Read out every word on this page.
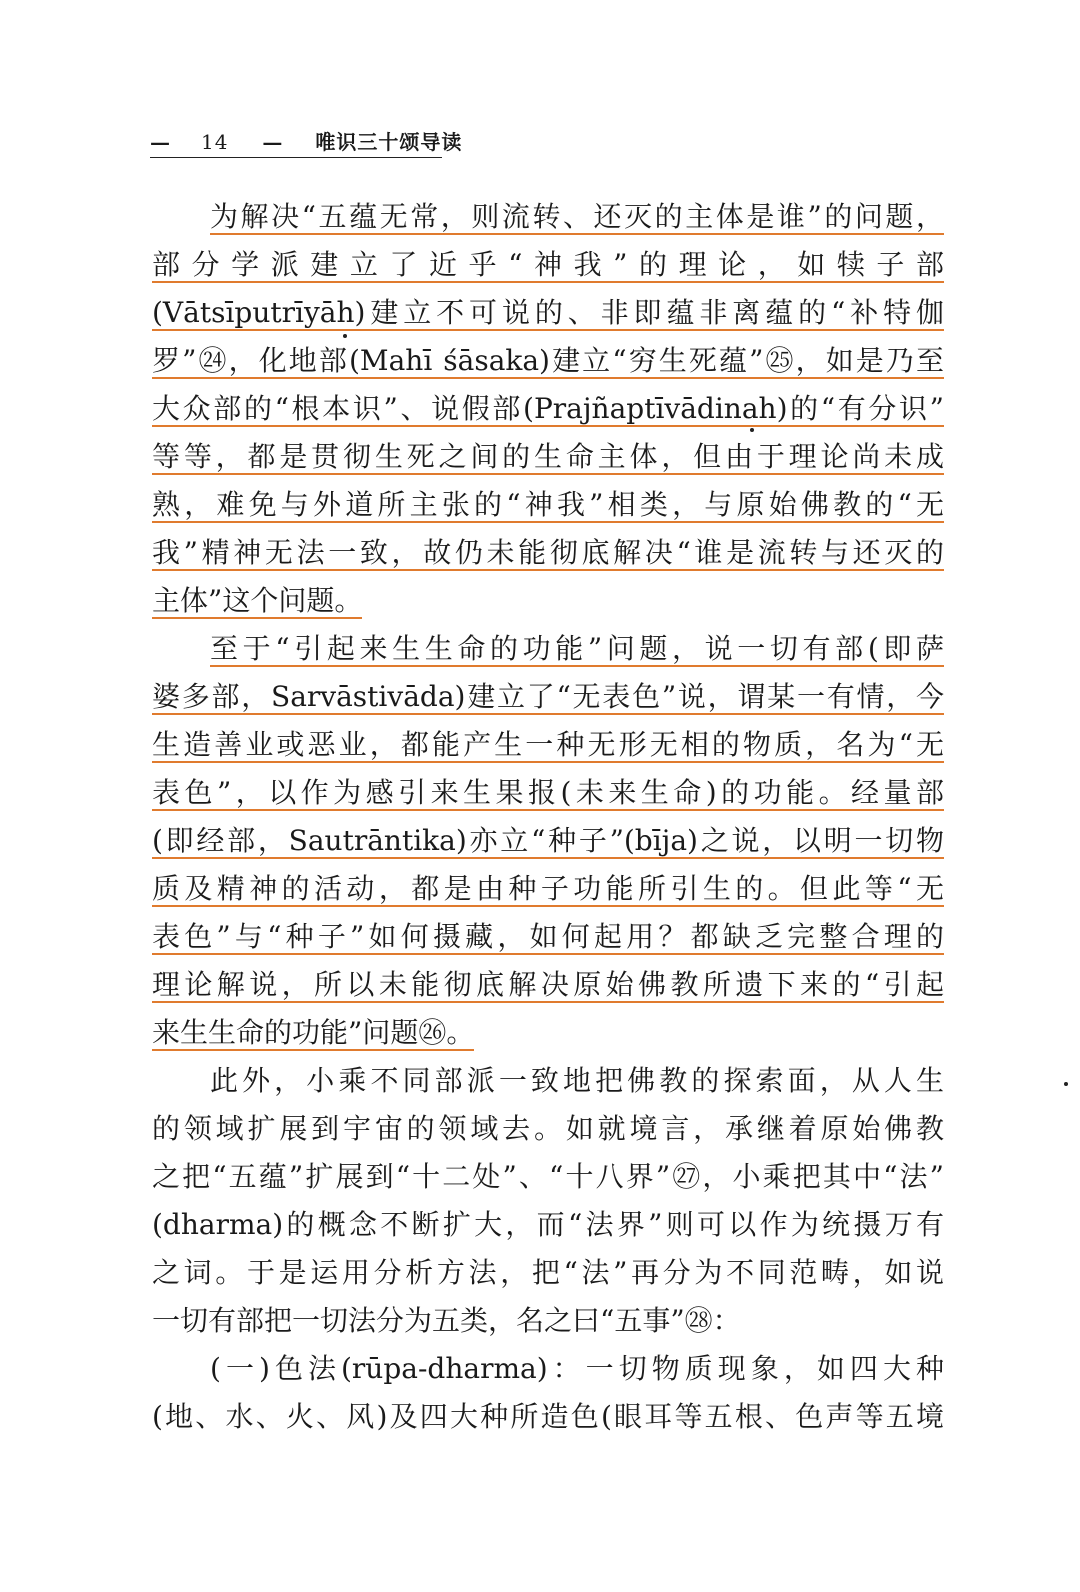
— 14 — 唯识三十颂导读
为解决“五蕴无常，则流转、还灭的主体是谁”的问题，
部分学派建立了近乎“神我”的理论，如犊子部
(Vātsīputrīyāh)建立不可说的、非即蕴非离蕴的“补特伽
罗”㉔，化地部(Mahī śāsaka)建立“穷生死蕴”㉕，如是乃至
大众部的“根本识”、说假部(Prajñaptīvādinah)的“有分识”
等等，都是贯彻生死之间的生命主体，但由于理论尚未成
熟，难免与外道所主张的“神我”相类，与原始佛教的“无
我”精神无法一致，故仍未能彻底解决“谁是流转与还灭的
主体”这个问题。
至于“引起来生生命的功能”问题，说一切有部(即萨
婆多部，Sarvāstivāda)建立了“无表色”说，谓某一有情，今
生造善业或恶业，都能产生一种无形无相的物质，名为“无
表色”，以作为感引来生果报(未来生命)的功能。经量部
(即经部，Sautrāntika)亦立“种子”(bīja)之说，以明一切物
质及精神的活动，都是由种子功能所引生的。但此等“无
表色”与“种子”如何摄藏，如何起用？都缺乏完整合理的
理论解说，所以未能彻底解决原始佛教所遗下来的“引起
来生生命的功能”问题㉖。
此外，小乘不同部派一致地把佛教的探索面，从人生
的领域扩展到宇宙的领域去。如就境言，承继着原始佛教
之把“五蕴”扩展到“十二处”、“十八界”㉗，小乘把其中“法”
(dharma)的概念不断扩大，而“法界”则可以作为统摄万有
之词。于是运用分析方法，把“法”再分为不同范畴，如说
一切有部把一切法分为五类，名之曰“五事”㉘：
(一)色法(rūpa-dharma)：一切物质现象，如四大种
(地、水、火、风)及四大种所造色(眼耳等五根、色声等五境
